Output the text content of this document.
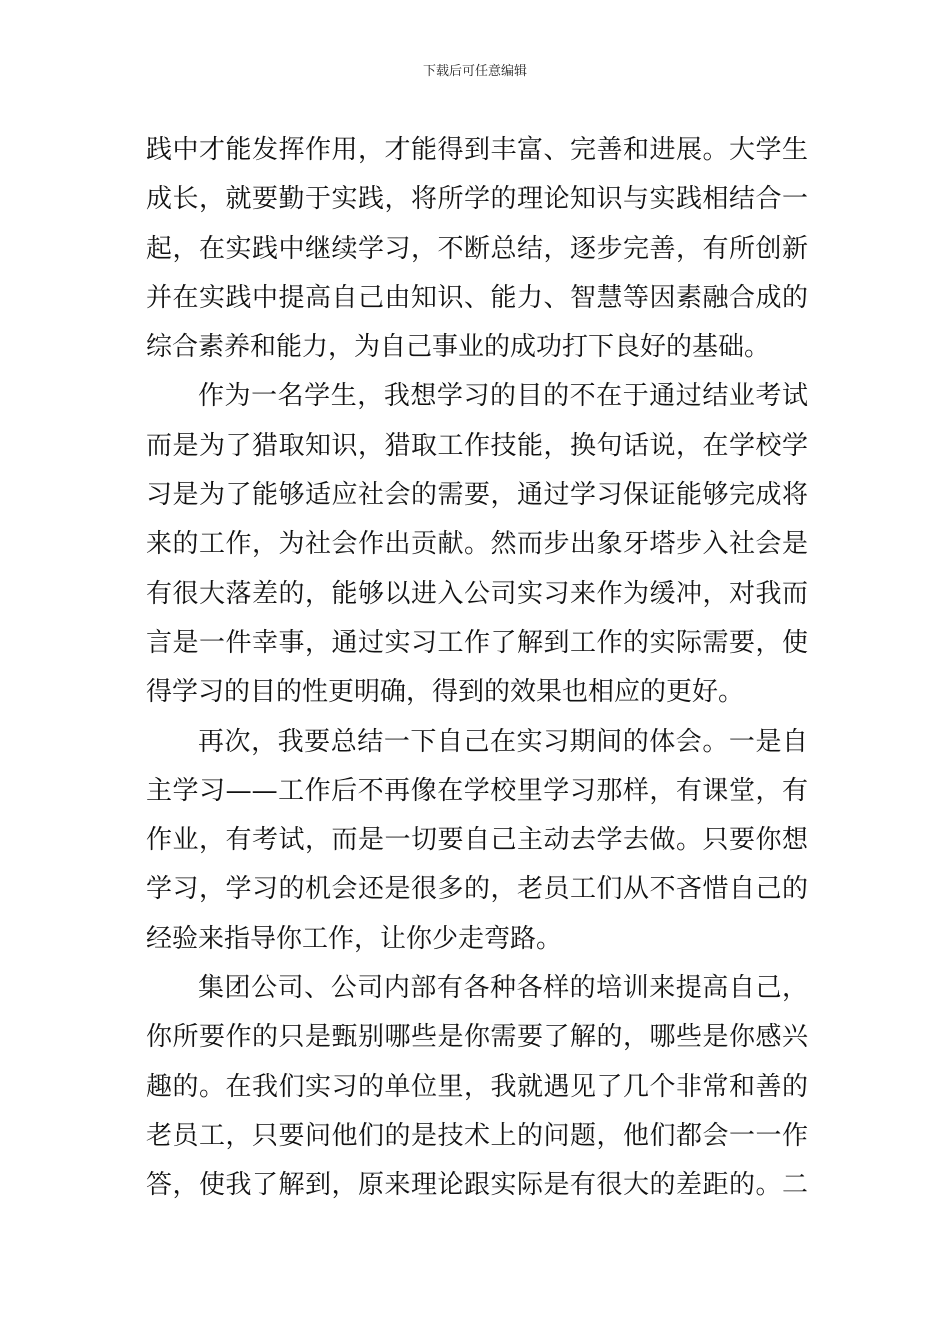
下载后可任意编辑
践中才能发挥作用，才能得到丰富、完善和进展。大学生
成长，就要勤于实践，将所学的理论知识与实践相结合一
起，在实践中继续学习，不断总结，逐步完善，有所创新
并在实践中提高自己由知识、能力、智慧等因素融合成的
综合素养和能力，为自己事业的成功打下良好的基础。
作为一名学生，我想学习的目的不在于通过结业考试
而是为了猎取知识，猎取工作技能，换句话说，在学校学
习是为了能够适应社会的需要，通过学习保证能够完成将
来的工作，为社会作出贡献。然而步出象牙塔步入社会是
有很大落差的，能够以进入公司实习来作为缓冲，对我而
言是一件幸事，通过实习工作了解到工作的实际需要，使
得学习的目的性更明确，得到的效果也相应的更好。
再次，我要总结一下自己在实习期间的体会。一是自
主学习——工作后不再像在学校里学习那样，有课堂，有
作业，有考试，而是一切要自己主动去学去做。只要你想
学习，学习的机会还是很多的，老员工们从不吝惜自己的
经验来指导你工作，让你少走弯路。
集团公司、公司内部有各种各样的培训来提高自己，
你所要作的只是甄别哪些是你需要了解的，哪些是你感兴
趣的。在我们实习的单位里，我就遇见了几个非常和善的
老员工，只要问他们的是技术上的问题，他们都会一一作
答，使我了解到，原来理论跟实际是有很大的差距的。二
